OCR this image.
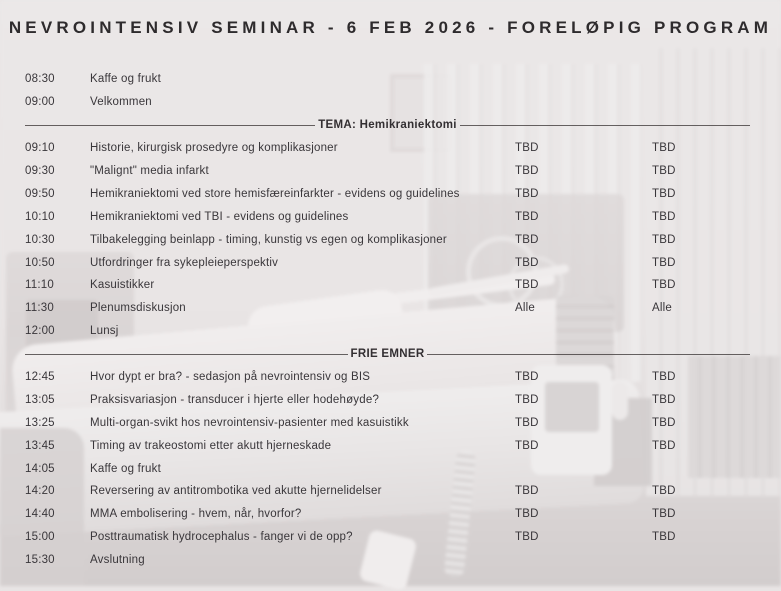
NEVROINTENSIV SEMINAR - 6 FEB 2026 - FORELØPIG PROGRAM
08:30	Kaffe og frukt
09:00	Velkommen
TEMA: Hemikraniektomi
09:10	Historie, kirurgisk prosedyre og komplikasjoner	TBD	TBD
09:30	"Malignt" media infarkt	TBD	TBD
09:50	Hemikraniektomi ved store hemisfæreinfarkter - evidens og guidelines	TBD	TBD
10:10	Hemikraniektomi ved TBI - evidens og guidelines	TBD	TBD
10:30	Tilbakelegging beinlapp - timing, kunstig vs egen og komplikasjoner	TBD	TBD
10:50	Utfordringer fra sykepleieperspektiv	TBD	TBD
11:10	Kasuistikker	TBD	TBD
11:30	Plenumsdiskusjon	Alle	Alle
12:00	Lunsj
FRIE EMNER
12:45	Hvor dypt er bra? - sedasjon på nevrointensiv og BIS	TBD	TBD
13:05	Praksisvariasjon - transducer i hjerte eller hodehøyde?	TBD	TBD
13:25	Multi-organ-svikt hos nevrointensiv-pasienter med kasuistikk	TBD	TBD
13:45	Timing av trakeostomi etter akutt hjerneskade	TBD	TBD
14:05	Kaffe og frukt
14:20	Reversering av antitrombotika ved akutte hjernelidelser	TBD	TBD
14:40	MMA embolisering - hvem, når, hvorfor?	TBD	TBD
15:00	Posttraumatisk hydrocephalus - fanger vi de opp?	TBD	TBD
15:30	Avslutning
